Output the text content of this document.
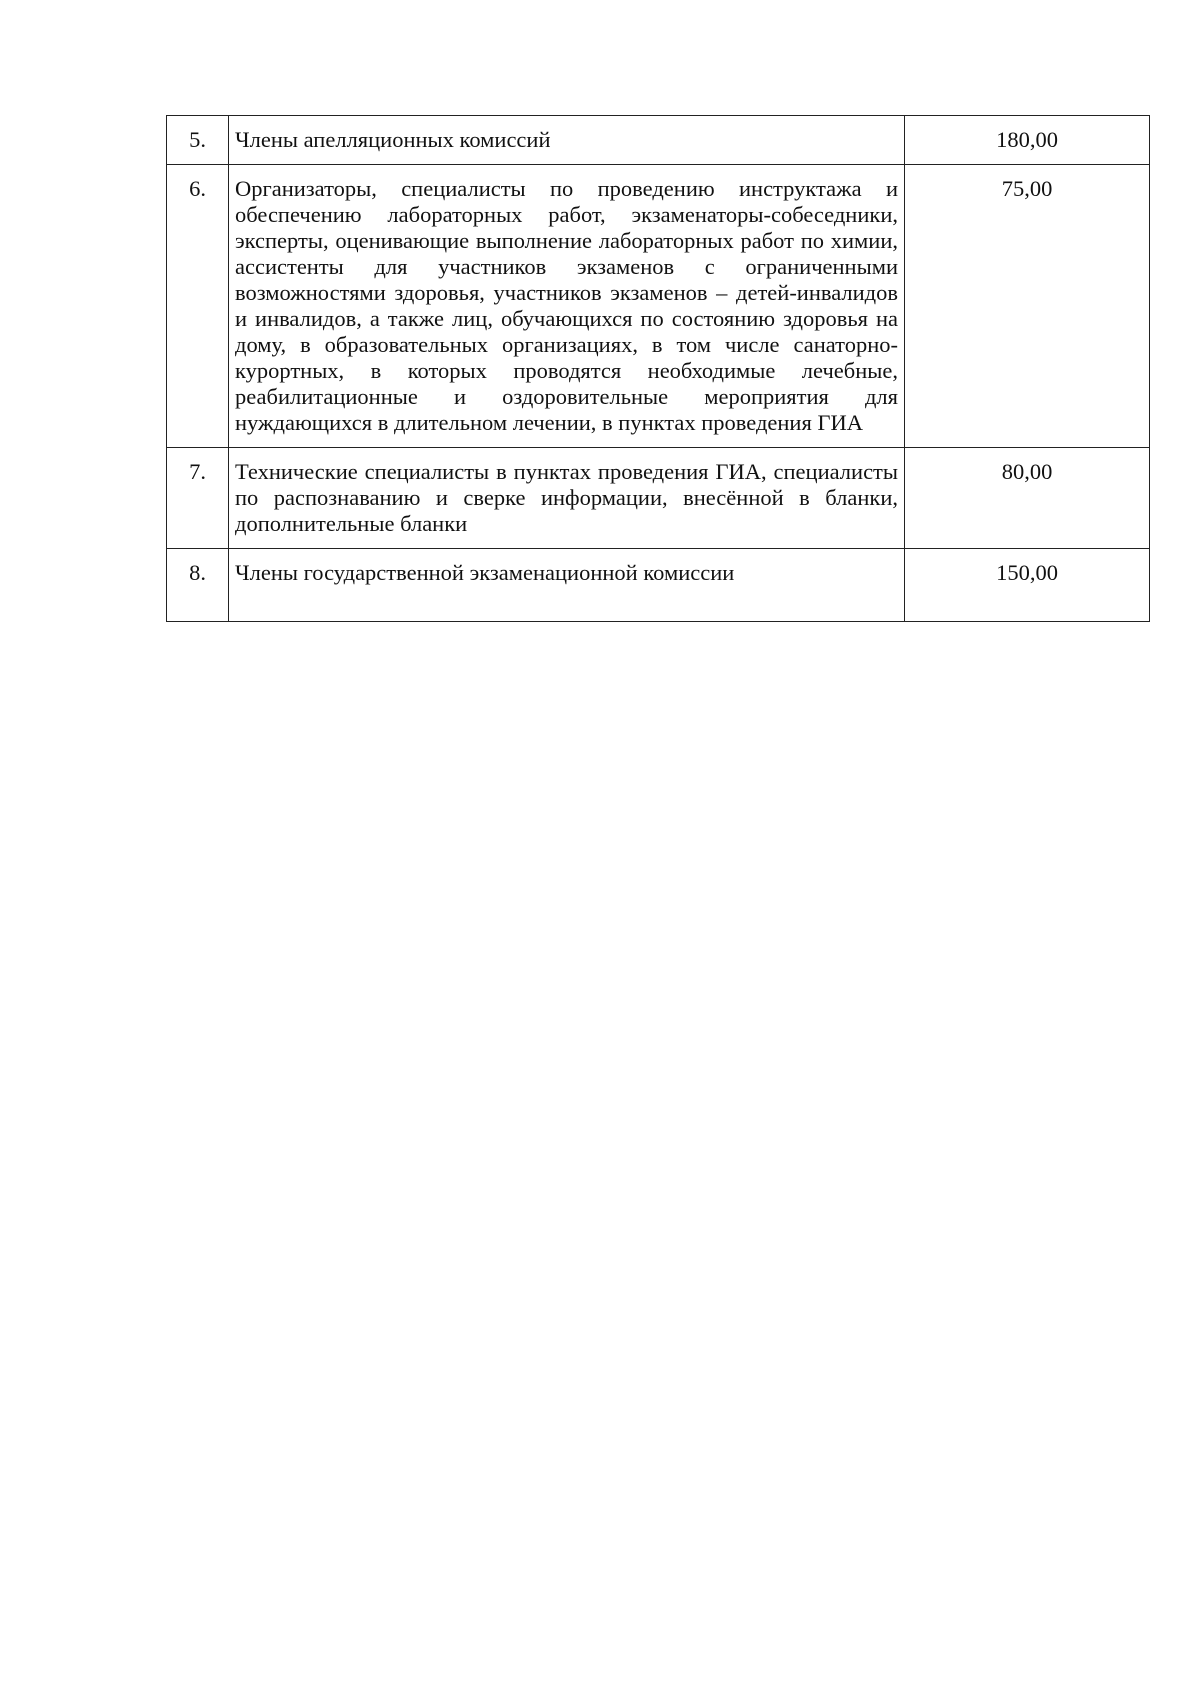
5.	Члены апелляционных комиссий	180,00
6.	Организаторы, специалисты по проведению инструктажа и обеспечению лабораторных работ, экзаменаторы-собеседники, эксперты, оценивающие выполнение лабораторных работ по химии, ассистенты для участников экзаменов с ограниченными возможностями здоровья, участников экзаменов – детей-инвалидов и инвалидов, а также лиц, обучающихся по состоянию здоровья на дому, в образовательных организациях, в том числе санаторно-курортных, в которых проводятся необходимые лечебные, реабилитационные и оздоровительные мероприятия для нуждающихся в длительном лечении, в пунктах проведения ГИА	75,00
7.	Технические специалисты в пунктах проведения ГИА, специалисты по распознаванию и сверке информации, внесённой в бланки, дополнительные бланки	80,00
8.	Члены государственной экзаменационной комиссии	150,00
